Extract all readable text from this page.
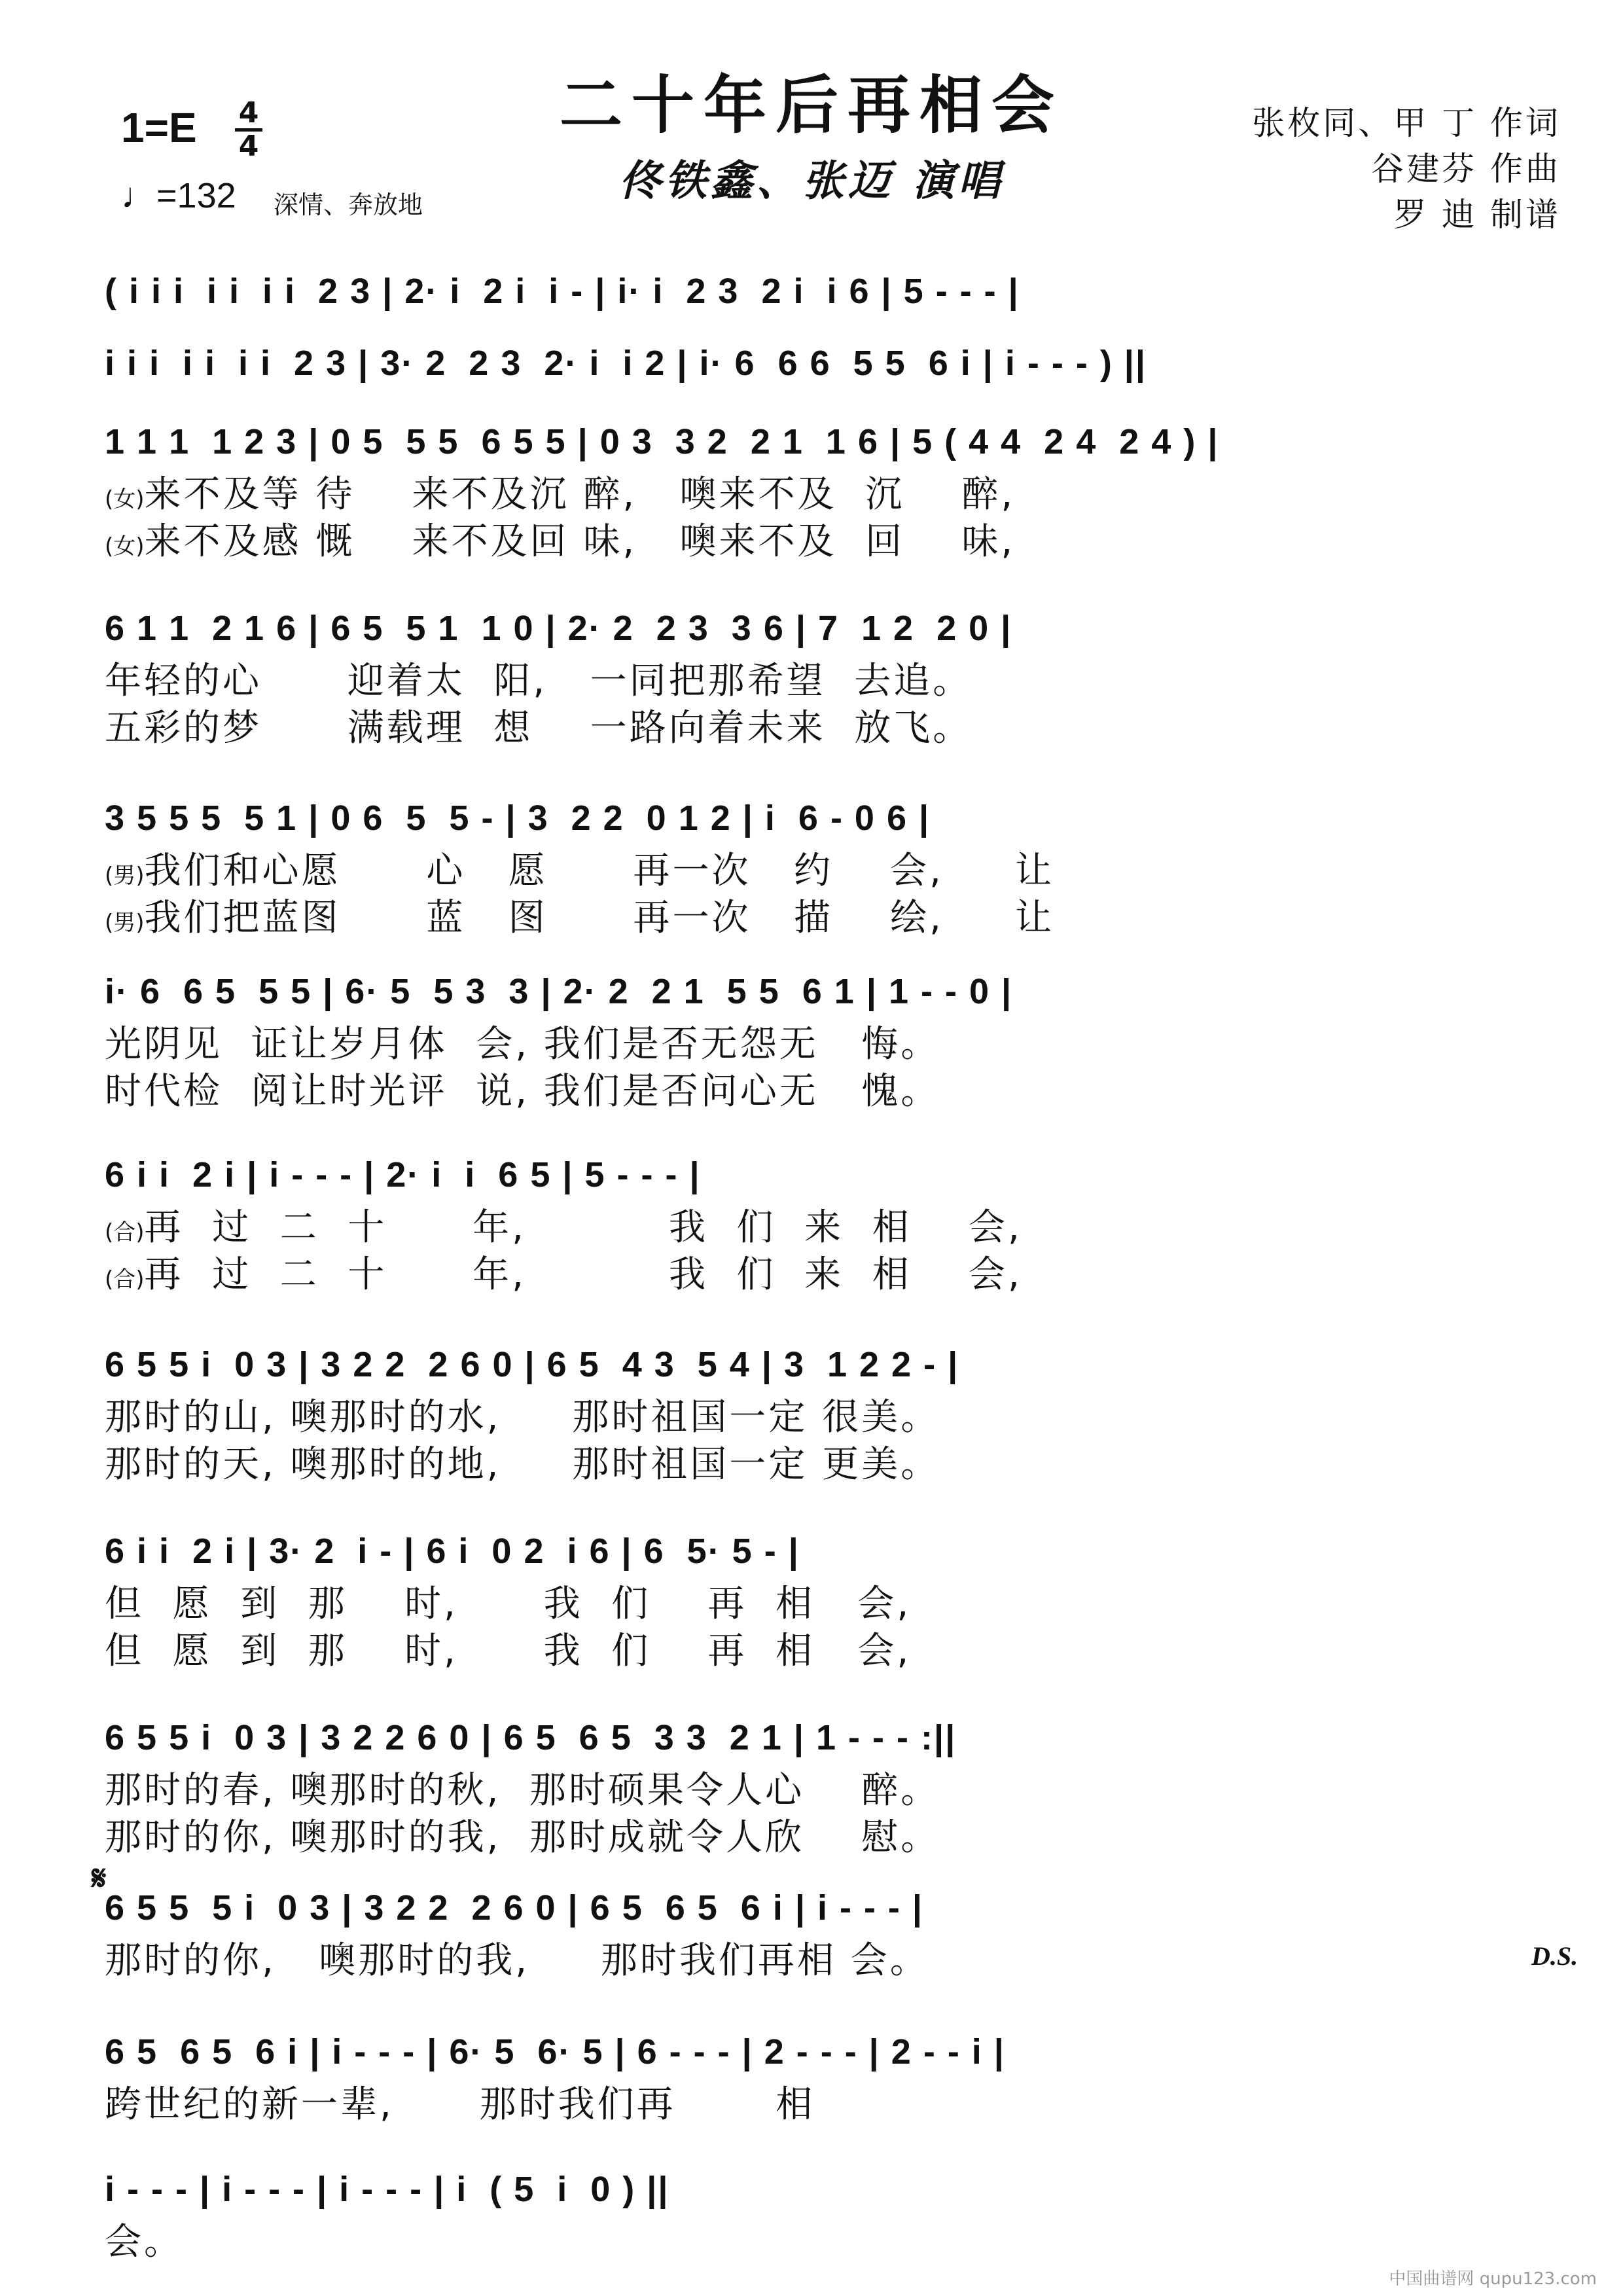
二十年后再相会
佟铁鑫、张迈 演唱
1=E 4
4
♩=132 深情、奔放地
张枚同、甲 丁 作词
谷建芬 作曲
罗 迪 制谱
( i i i  i i  i i  2 3 | 2· i  2 i  i - | i· i  2 3  2 i  i 6 | 5 - - - |
i i i  i i  i i  2 3 | 3· 2  2 3  2· i  i 2 | i· 6  6 6  5 5  6 i | i - - - ) ||
1 1 1  1 2 3 | 0 5  5 5  6 5 5 | 0 3  3 2  2 1  1 6 | 5 ( 4 4  2 4  2 4 ) |
(女)来不及等 待    来不及沉 醉,   噢来不及  沉    醉,
(女)来不及感 慨    来不及回 味,   噢来不及  回    味,
6 1 1  2 1 6 | 6 5  5 1  1 0 | 2· 2  2 3  3 6 | 7  1 2  2 0 |
年轻的心      迎着太  阳,   一同把那希望  去追。
五彩的梦      满载理  想    一路向着未来  放飞。
3 5 5 5  5 1 | 0 6  5  5 - | 3  2 2  0 1 2 | i  6 - 0 6 |
(男)我们和心愿      心   愿      再一次   约    会,     让
(男)我们把蓝图      蓝   图      再一次   描    绘,     让
i· 6  6 5  5 5 | 6· 5  5 3  3 | 2· 2  2 1  5 5  6 1 | 1 - - 0 |
光阴见  证让岁月体  会, 我们是否无怨无   悔。
时代检  阅让时光评  说, 我们是否问心无   愧。
6 i i  2 i | i - - - | 2· i  i  6 5 | 5 - - - |
(合)再  过  二  十      年,          我  们  来  相    会,
(合)再  过  二  十      年,          我  们  来  相    会,
6 5 5 i  0 3 | 3 2 2  2 6 0 | 6 5  4 3  5 4 | 3  1 2 2 - |
那时的山, 噢那时的水,     那时祖国一定 很美。
那时的天, 噢那时的地,     那时祖国一定 更美。
6 i i  2 i | 3· 2  i - | 6 i  0 2  i 6 | 6  5· 5 - |
但  愿  到  那    时,      我  们    再  相   会,
但  愿  到  那    时,      我  们    再  相   会,
6 5 5 i  0 3 | 3 2 2 6 0 | 6 5  6 5  3 3  2 1 | 1 - - - :||
那时的春, 噢那时的秋,  那时硕果令人心    醉。
那时的你, 噢那时的我,  那时成就令人欣    慰。
6 5 5  5 i  0 3 | 3 2 2  2 6 0 | 6 5  6 5  6 i | i - - - |
那时的你,   噢那时的我,     那时我们再相 会。
6 5  6 5  6 i | i - - - | 6· 5  6· 5 | 6 - - - | 2 - - - | 2 - - i |
跨世纪的新一辈,      那时我们再       相
i - - - | i - - - | i - - - | i  ( 5  i  0 ) ||
会。
𝄋
D.S.
中国曲谱网 qupu123.com
